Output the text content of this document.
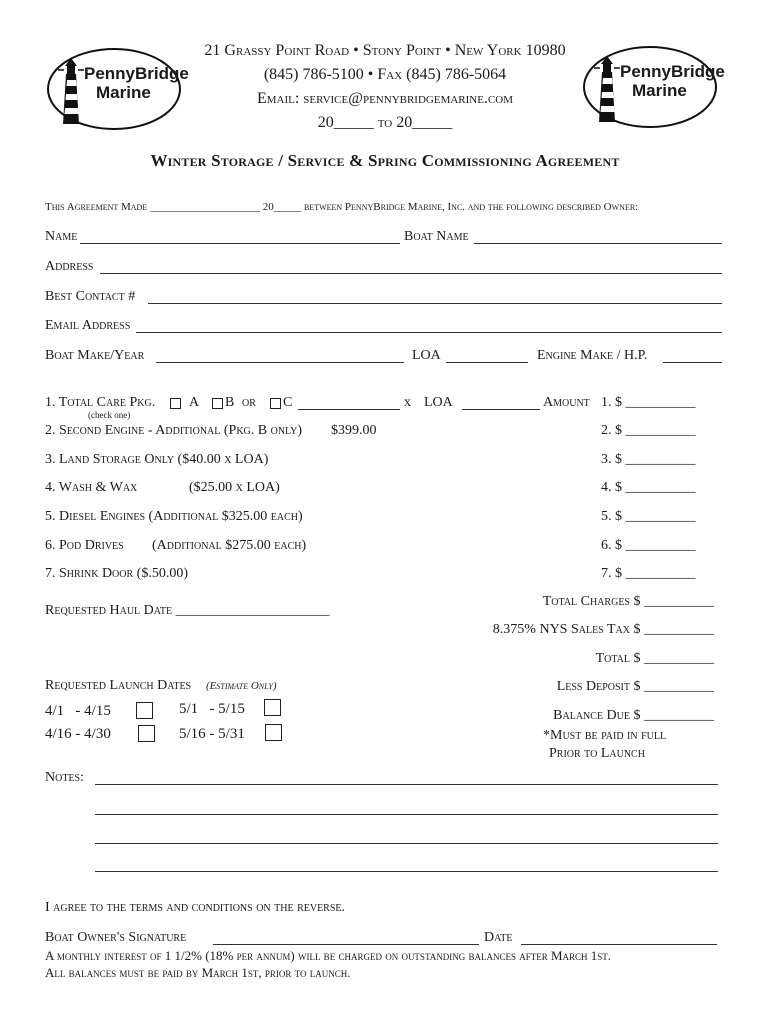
PennyBridge
Marine
PennyBridge
Marine
21 Grassy Point Road • Stony Point • New York 10980
(845) 786-5100 • Fax (845) 786-5064
Email: service@pennybridgemarine.com
20_____ to 20_____
Winter Storage / Service & Spring Commissioning Agreement
This Agreement Made ____________________ 20_____ between PennyBridge Marine, Inc. and the following described Owner:
Name	Boat Name
Address
Best Contact #
Email Address
Boat Make/Year	LOA	Engine Make / H.P.
1. Total Care Pkg. A B or C	x LOA	Amount
(check one)
2. Second Engine - Additional (Pkg. B only) $399.00
3. Land Storage Only ($40.00 x LOA)
4. Wash & Wax	($25.00 x LOA)
5. Diesel Engines (Additional $325.00 each)
6. Pod Drives (Additional $275.00 each)
7. Shrink Door ($.50.00)
1. $ __________
2. $ __________
3. $ __________
4. $ __________
5. $ __________
6. $ __________
7. $ __________
Total Charges $ __________
8.375% NYS Sales Tax $ __________
Total $ __________
Less Deposit $ __________
Balance Due $ __________
*Must be paid in full
Prior to Launch
Requested Haul Date ______________________
Requested Launch Dates (Estimate Only)
4/1   - 4/15	5/1   - 5/15
4/16 - 4/30	5/16 - 5/31
Notes:
I agree to the terms and conditions on the reverse.
Boat Owner's Signature	Date
A monthly interest of 1 1/2% (18% per annum) will be charged on outstanding balances after March 1st.
All balances must be paid by March 1st, prior to launch.
